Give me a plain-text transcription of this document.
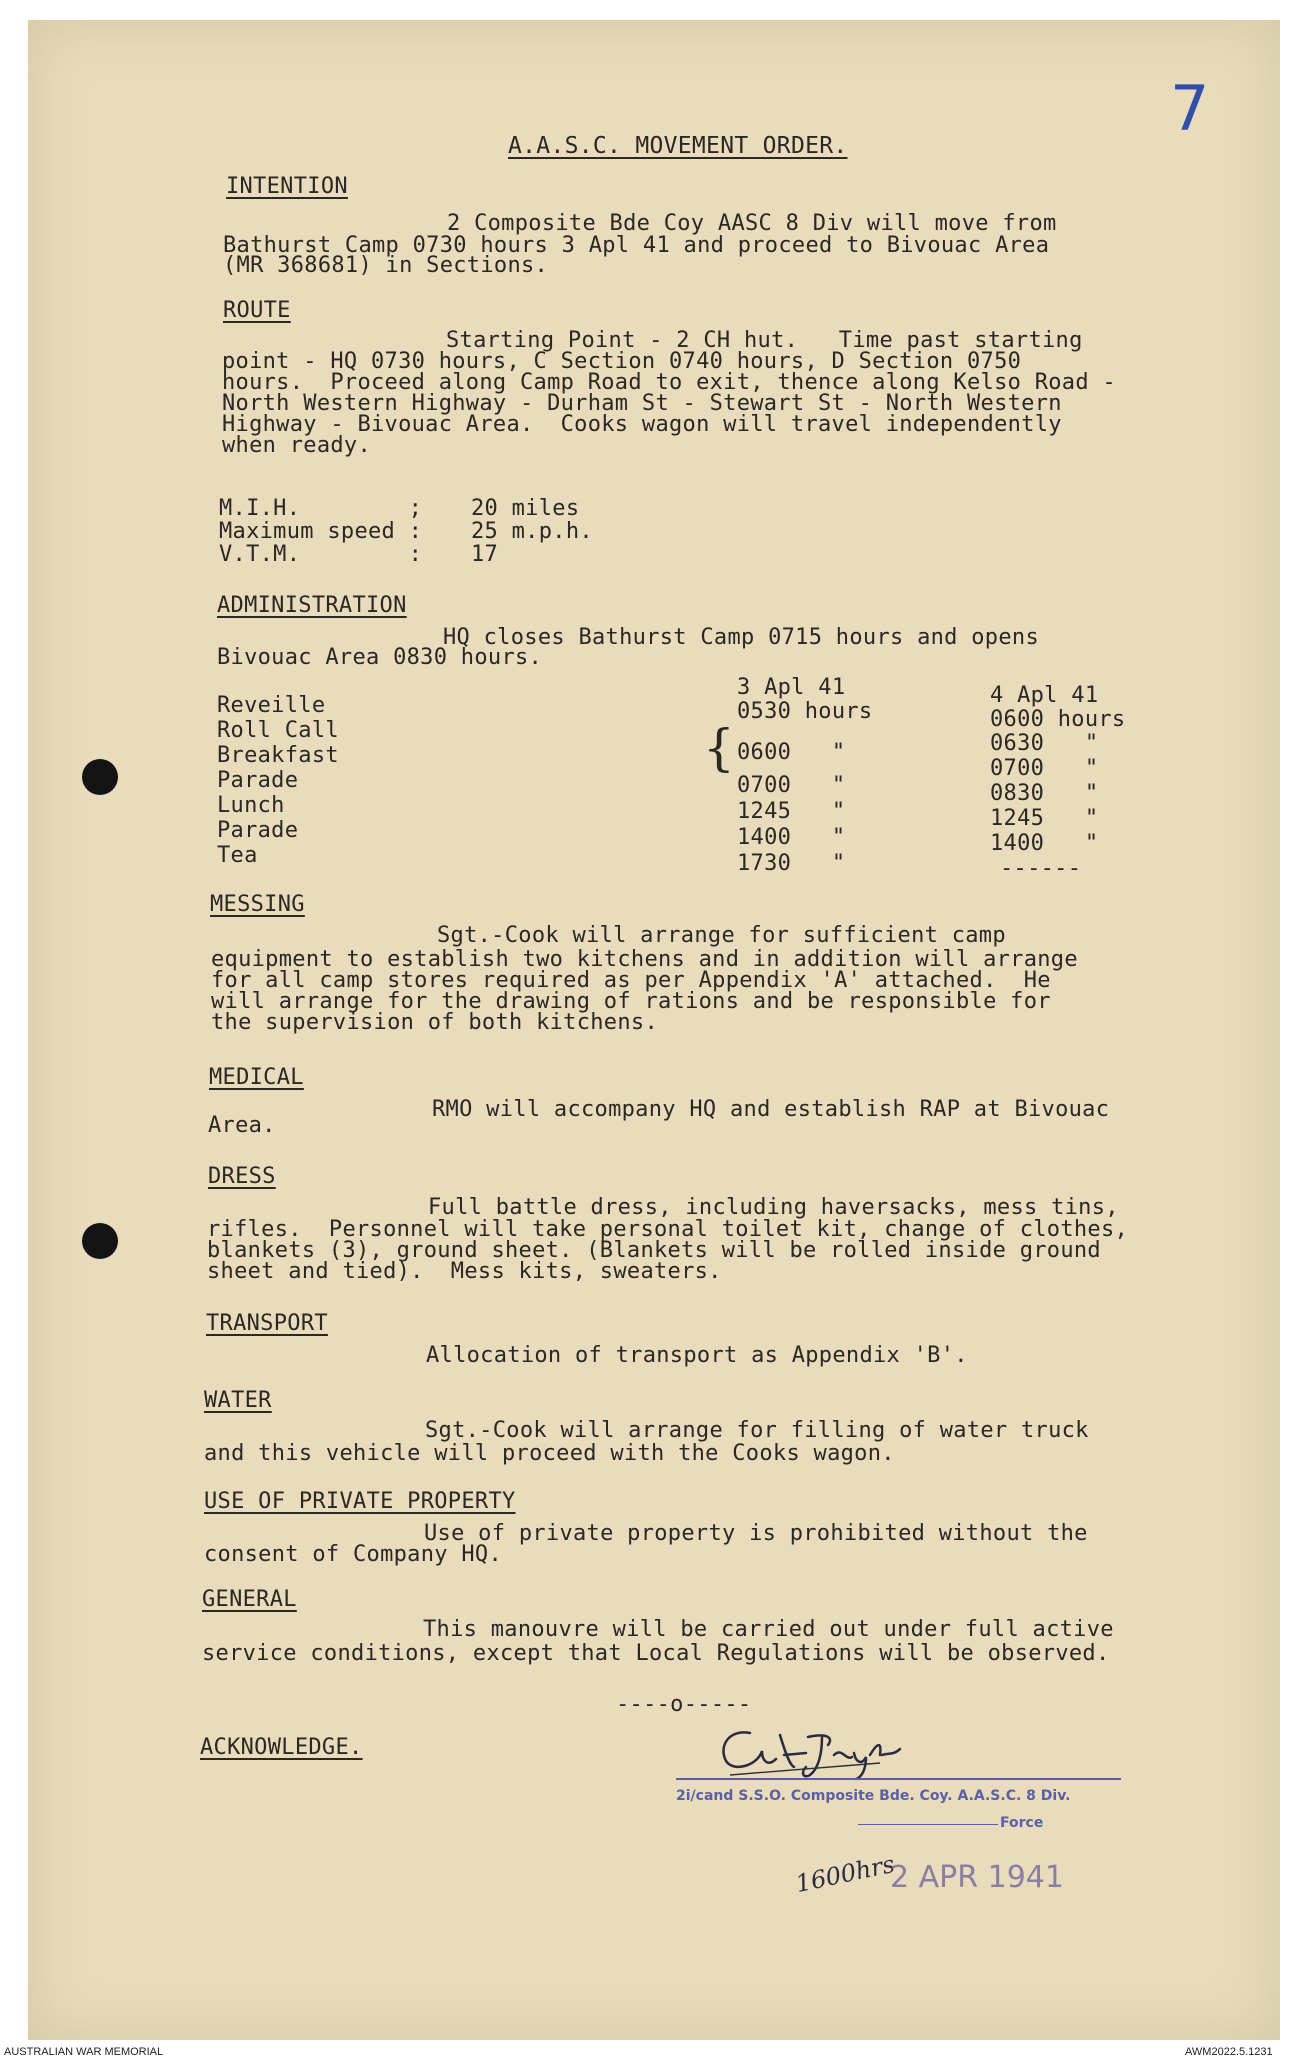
7
A.A.S.C. MOVEMENT ORDER.
INTENTION
2 Composite Bde Coy AASC 8 Div will move from
Bathurst Camp 0730 hours 3 Apl 41 and proceed to Bivouac Area
(MR 368681) in Sections.
ROUTE
Starting Point - 2 CH hut.   Time past starting
point - HQ 0730 hours, C Section 0740 hours, D Section 0750
hours.  Proceed along Camp Road to exit, thence along Kelso Road -
North Western Highway - Durham St - Stewart St - North Western
Highway - Bivouac Area.  Cooks wagon will travel independently
when ready.
M.I.H.        ; 20 miles
Maximum speed : 25 m.p.h.
V.T.M.        : 17
ADMINISTRATION
HQ closes Bathurst Camp 0715 hours and opens
Bivouac Area 0830 hours.
3 Apl 41	4 Apl 41
Reveille
Roll Call
Breakfast
Parade
Lunch
Parade
Tea
{
0530 hours
0600   "
0700   "
1245   "
1400   "
1730   "
0600 hours
0630   "
0700   "
0830   "
1245   "
1400   "
------
MESSING
Sgt.-Cook will arrange for sufficient camp
equipment to establish two kitchens and in addition will arrange
for all camp stores required as per Appendix 'A' attached.  He
will arrange for the drawing of rations and be responsible for
the supervision of both kitchens.
MEDICAL
RMO will accompany HQ and establish RAP at Bivouac
Area.
DRESS
Full battle dress, including haversacks, mess tins,
rifles.  Personnel will take personal toilet kit, change of clothes,
blankets (3), ground sheet. (Blankets will be rolled inside ground
sheet and tied).  Mess kits, sweaters.
TRANSPORT
Allocation of transport as Appendix 'B'.
WATER
Sgt.-Cook will arrange for filling of water truck
and this vehicle will proceed with the Cooks wagon.
USE OF PRIVATE PROPERTY
Use of private property is prohibited without the
consent of Company HQ.
GENERAL
This manouvre will be carried out under full active
service conditions, except that Local Regulations will be observed.
----o-----
ACKNOWLEDGE.
2i/cand S.S.O. Composite Bde. Coy. A.A.S.C. 8 Div.
Force
1600hrs
2 APR 1941
AUSTRALIAN WAR MEMORIAL	AWM2022.5.1231
